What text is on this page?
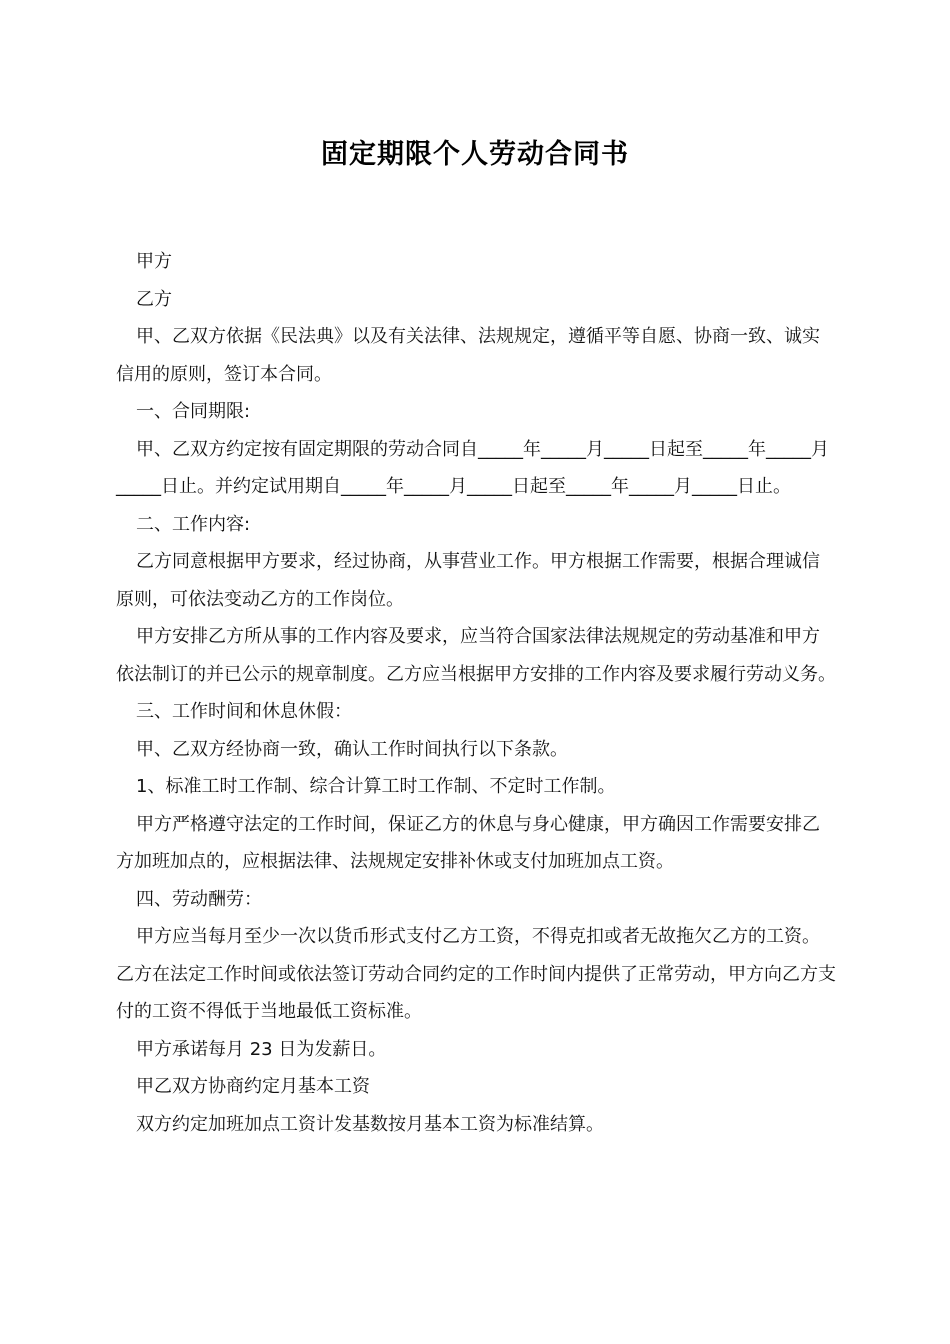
固定期限个人劳动合同书

甲方

乙方

甲、乙双方依据《民法典》以及有关法律、法规规定，遵循平等自愿、协商一致、诚实信用的原则，签订本合同。

一、合同期限:

甲、乙双方约定按有固定期限的劳动合同自_____年_____月_____日起至_____年_____月_____日止。并约定试用期自_____年_____月_____日起至_____年_____月_____日止。

二、工作内容:

乙方同意根据甲方要求，经过协商，从事营业工作。甲方根据工作需要，根据合理诚信原则，可依法变动乙方的工作岗位。

甲方安排乙方所从事的工作内容及要求，应当符合国家法律法规规定的劳动基准和甲方依法制订的并已公示的规章制度。乙方应当根据甲方安排的工作内容及要求履行劳动义务。

三、工作时间和休息休假：

甲、乙双方经协商一致，确认工作时间执行以下条款。

1、标准工时工作制、综合计算工时工作制、不定时工作制。

甲方严格遵守法定的工作时间，保证乙方的休息与身心健康，甲方确因工作需要安排乙方加班加点的，应根据法律、法规规定安排补休或支付加班加点工资。

四、劳动酬劳：

甲方应当每月至少一次以货币形式支付乙方工资，不得克扣或者无故拖欠乙方的工资。乙方在法定工作时间或依法签订劳动合同约定的工作时间内提供了正常劳动，甲方向乙方支付的工资不得低于当地最低工资标准。

甲方承诺每月 23 日为发薪日。

甲乙双方协商约定月基本工资

双方约定加班加点工资计发基数按月基本工资为标准结算。
